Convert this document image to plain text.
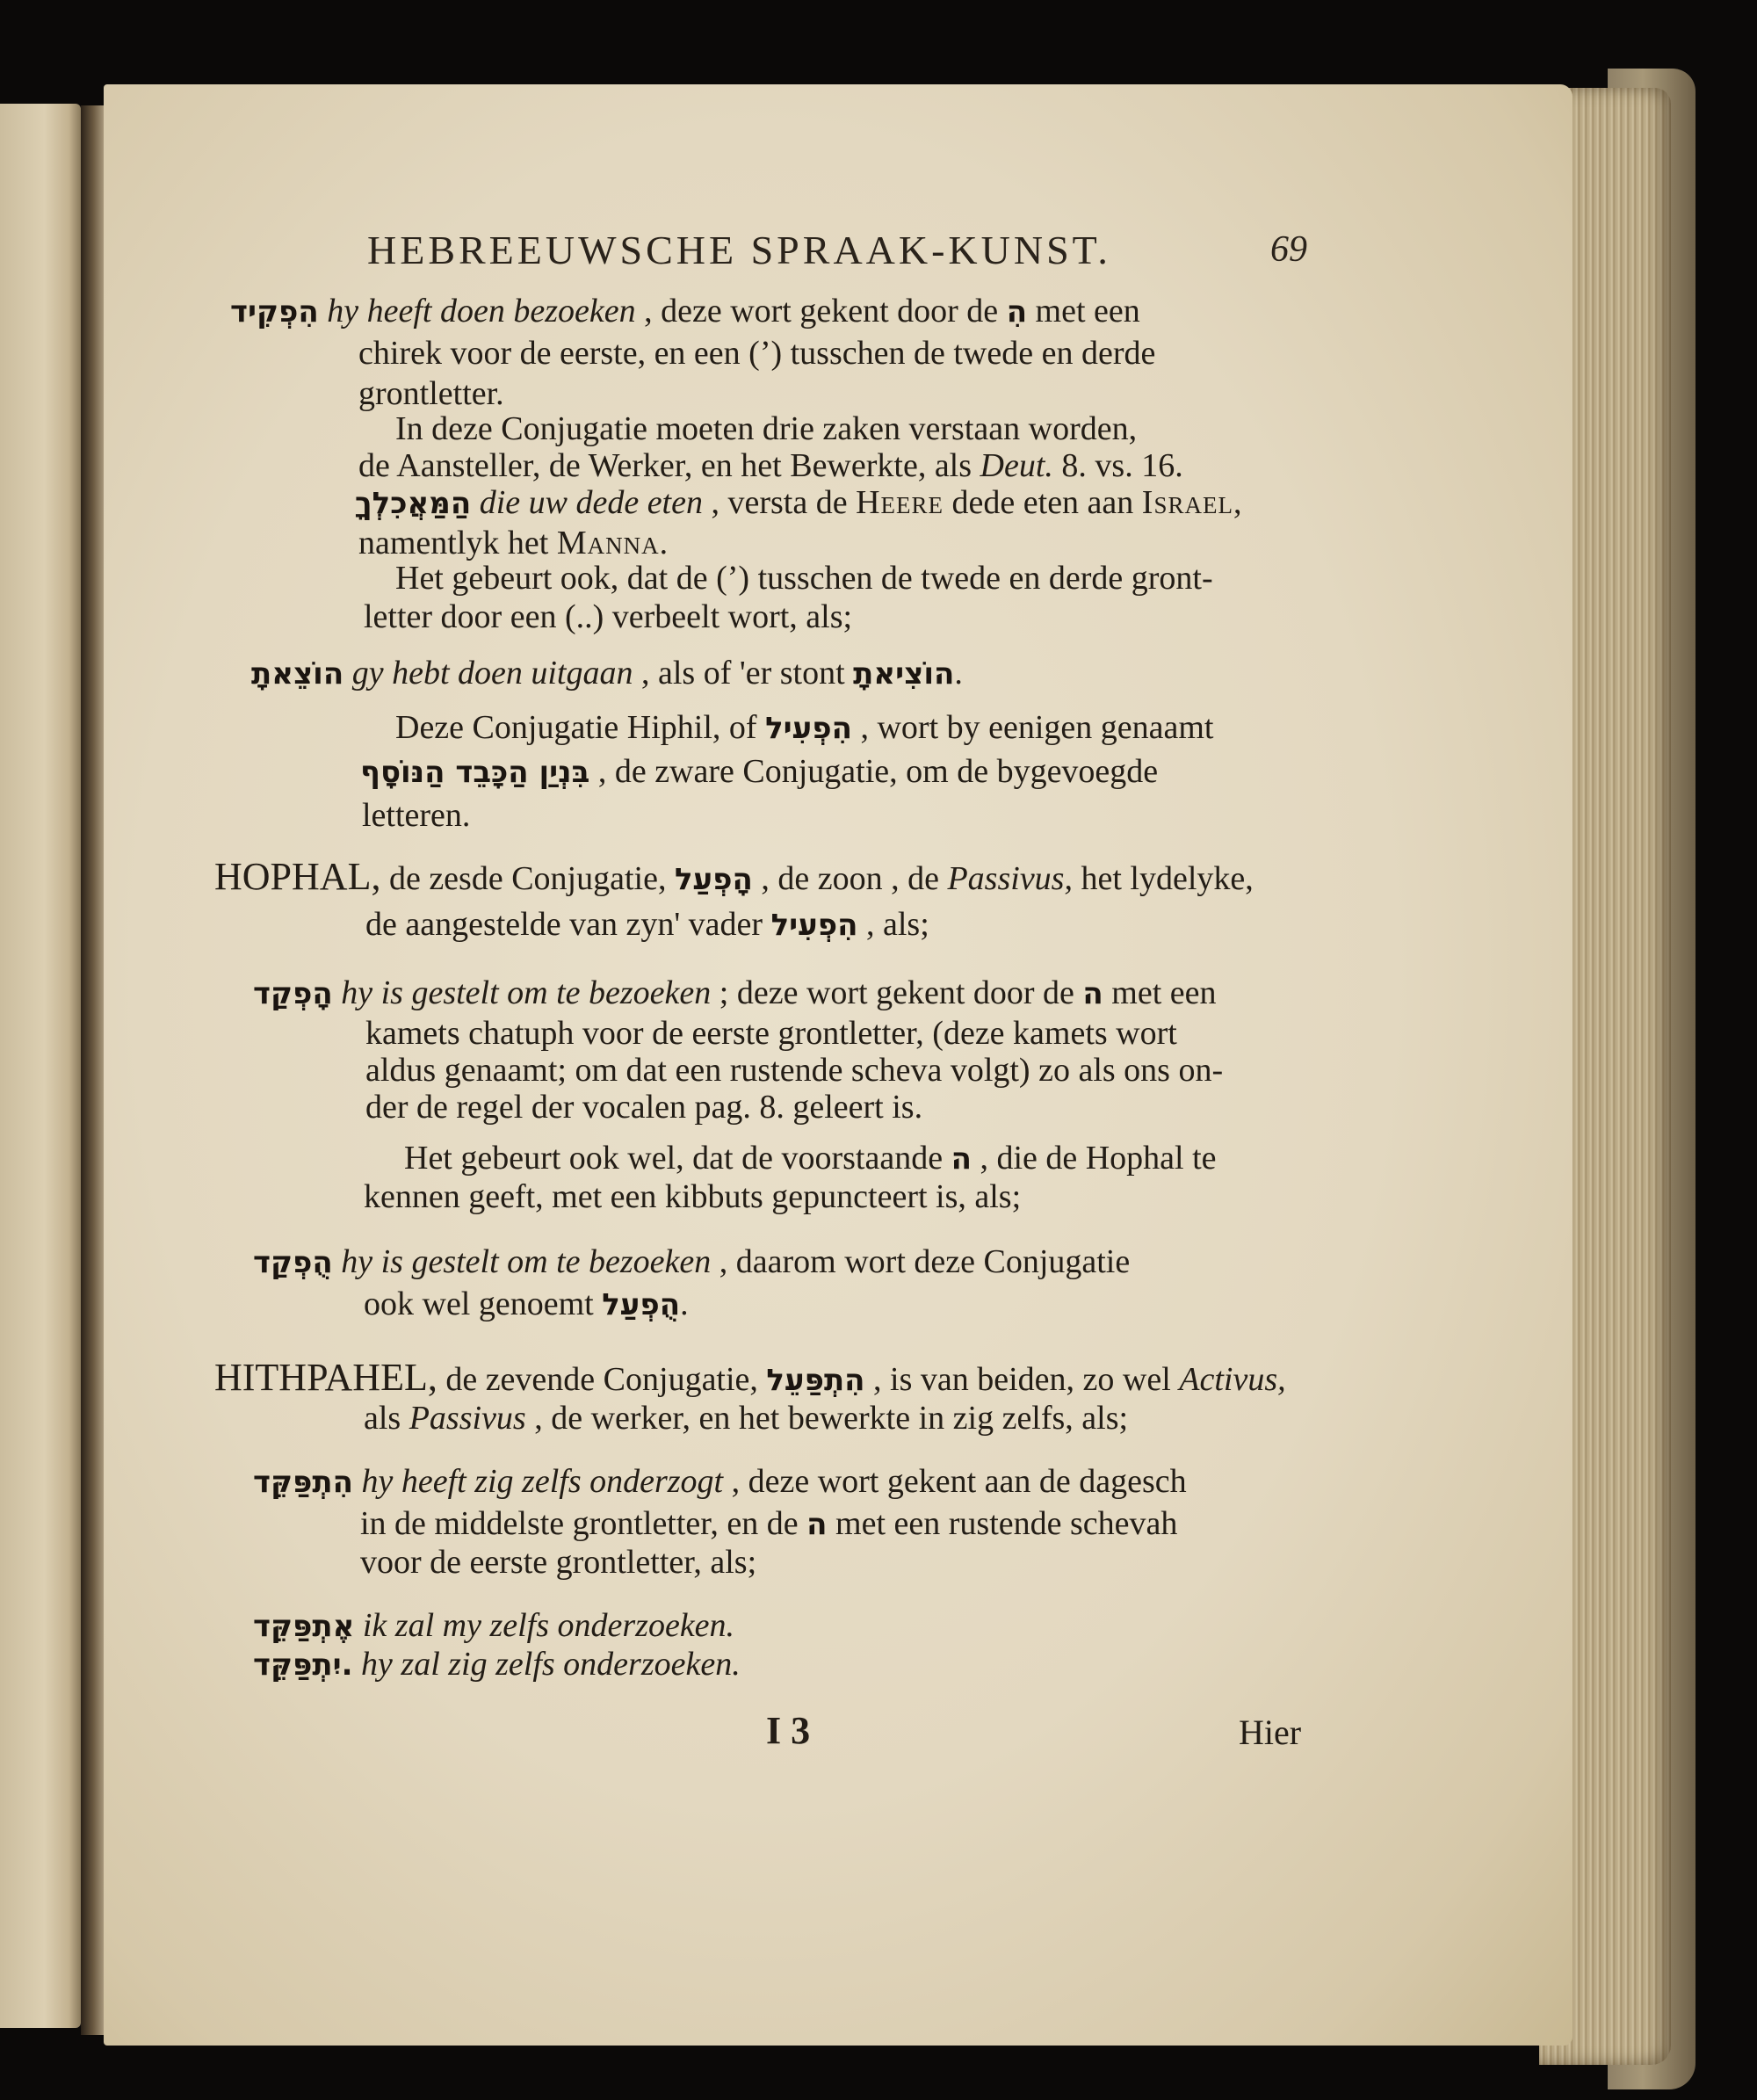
HEBREEUWSCHE SPRAAK-KUNST.	69
הִפְקִיד hy heeft doen bezoeken , deze wort gekent door de הִ met een
chirek voor de eerste, en een (ʼ) tusschen de twede en derde
grontletter.
In deze Conjugatie moeten drie zaken verstaan worden,
de Aansteller, de Werker, en het Bewerkte, als Deut. 8. vs. 16.
הַמַּאֲכִלְךָ die uw dede eten , versta de Heere dede eten aan Israel,
namentlyk het Manna.
Het gebeurt ook, dat de (ʼ) tusschen de twede en derde gront-
letter door een (..) verbeelt wort, als;
הוֹצֵאתָ gy hebt doen uitgaan , als of 'er stont הוֹצִיאתָ.
Deze Conjugatie Hiphil, of הִפְעִיל , wort by eenigen genaamt
בִּנְיַן הַכָּבֵד הַנּוֹסָף , de zware Conjugatie, om de bygevoegde
letteren.
HOPHAL, de zesde Conjugatie, הָפְעַל , de zoon , de Passivus, het lydelyke,
de aangestelde van zyn' vader הִפְעִיל , als;
הָפְקַד hy is gestelt om te bezoeken ; deze wort gekent door de ה met een
kamets chatuph voor de eerste grontletter, (deze kamets wort
aldus genaamt; om dat een rustende scheva volgt) zo als ons on-
der de regel der vocalen pag. 8. geleert is.
Het gebeurt ook wel, dat de voorstaande ה , die de Hophal te
kennen geeft, met een kibbuts gepuncteert is, als;
הֻפְקַד hy is gestelt om te bezoeken , daarom wort deze Conjugatie
ook wel genoemt הֻפְעַל.
HITHPAHEL, de zevende Conjugatie, הִתְפַּעֵל , is van beiden, zo wel Activus,
als Passivus , de werker, en het bewerkte in zig zelfs, als;
הִתְפַּקֵּד hy heeft zig zelfs onderzogt , deze wort gekent aan de dagesch
in de middelste grontletter, en de ה met een rustende schevah
voor de eerste grontletter, als;
אֶתְפַּקֵּד ik zal my zelfs onderzoeken.
יִתְפַּקֵּד. hy zal zig zelfs onderzoeken.
I 3	Hier
